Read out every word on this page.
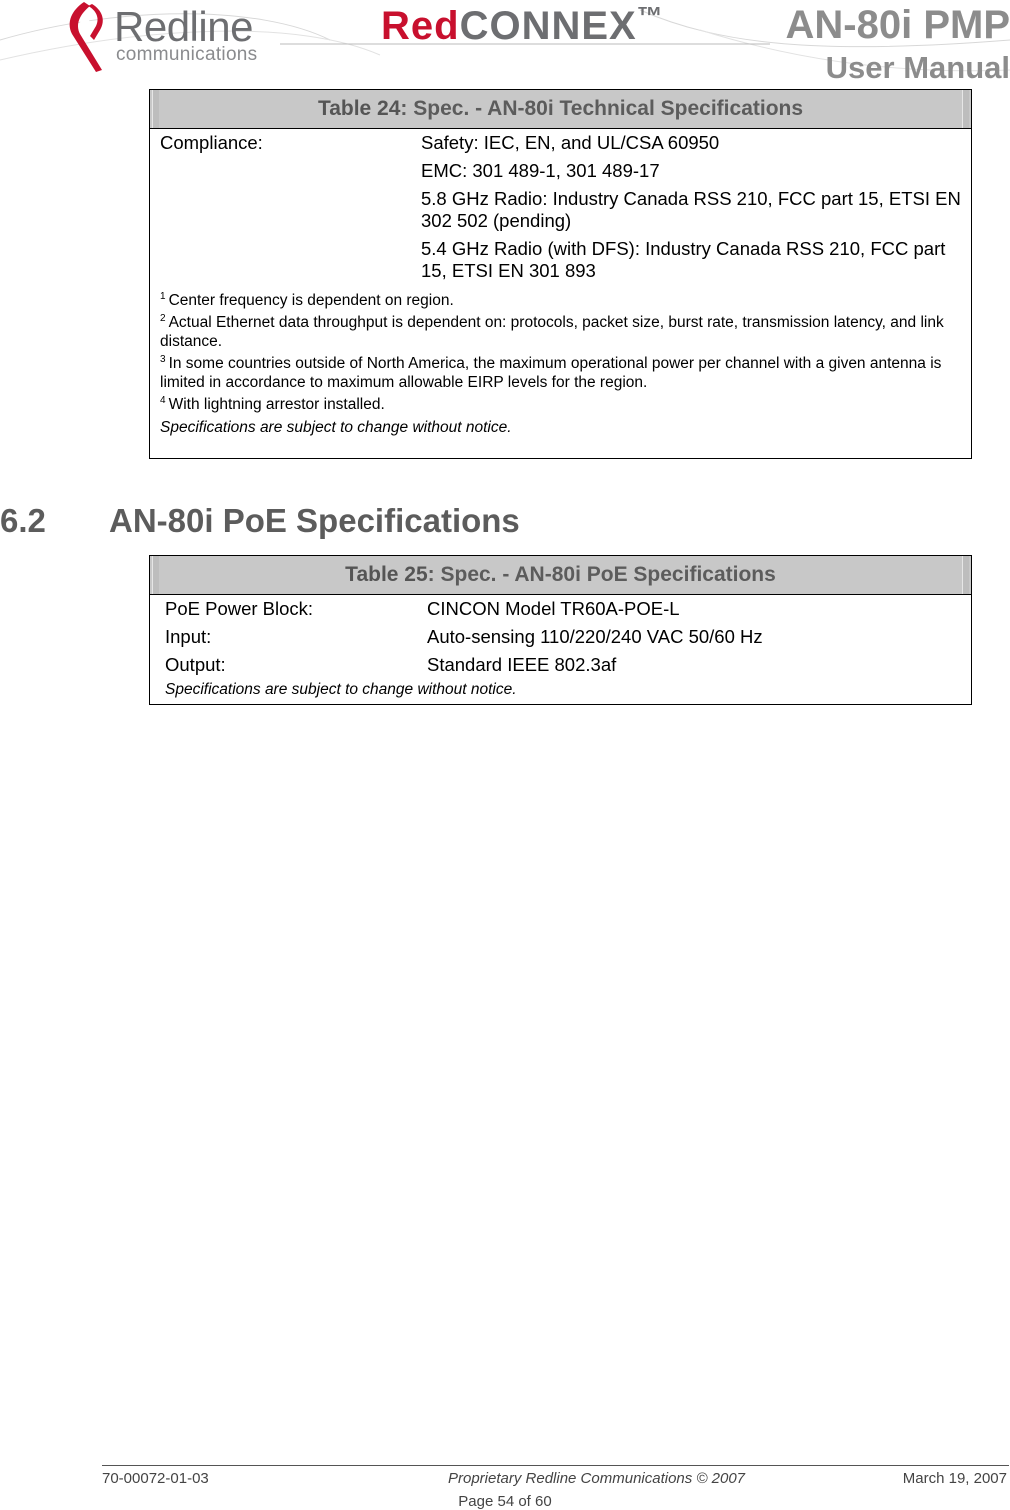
Redline
communications
RedCONNEX™	AN-80i PMP
User Manual
Table 24: Spec. - AN-80i Technical Specifications
Compliance:	Safety: IEC, EN, and UL/CSA 60950
EMC: 301 489-1, 301 489-17
5.8 GHz Radio: Industry Canada RSS 210, FCC part 15, ETSI EN 302 502 (pending)
5.4 GHz Radio (with DFS): Industry Canada RSS 210, FCC part 15, ETSI EN 301 893
$^1$ Center frequency is dependent on region.
$^2$ Actual Ethernet data throughput is dependent on: protocols, packet size, burst rate, transmission latency, and link distance.
$^3$ In some countries outside of North America, the maximum operational power per channel with a given antenna is limited in accordance to maximum allowable EIRP levels for the region.
$^4$ With lightning arrestor installed.
Specifications are subject to change without notice.
6.2 AN-80i PoE Specifications
Table 25: Spec. - AN-80i PoE Specifications
PoE Power Block:	CINCON Model TR60A-POE-L
Input:	Auto-sensing 110/220/240 VAC 50/60 Hz
Output:	Standard IEEE 802.3af
Specifications are subject to change without notice.
70-00072-01-03	Proprietary Redline Communications © 2007	March 19, 2007
Page 54 of 60
